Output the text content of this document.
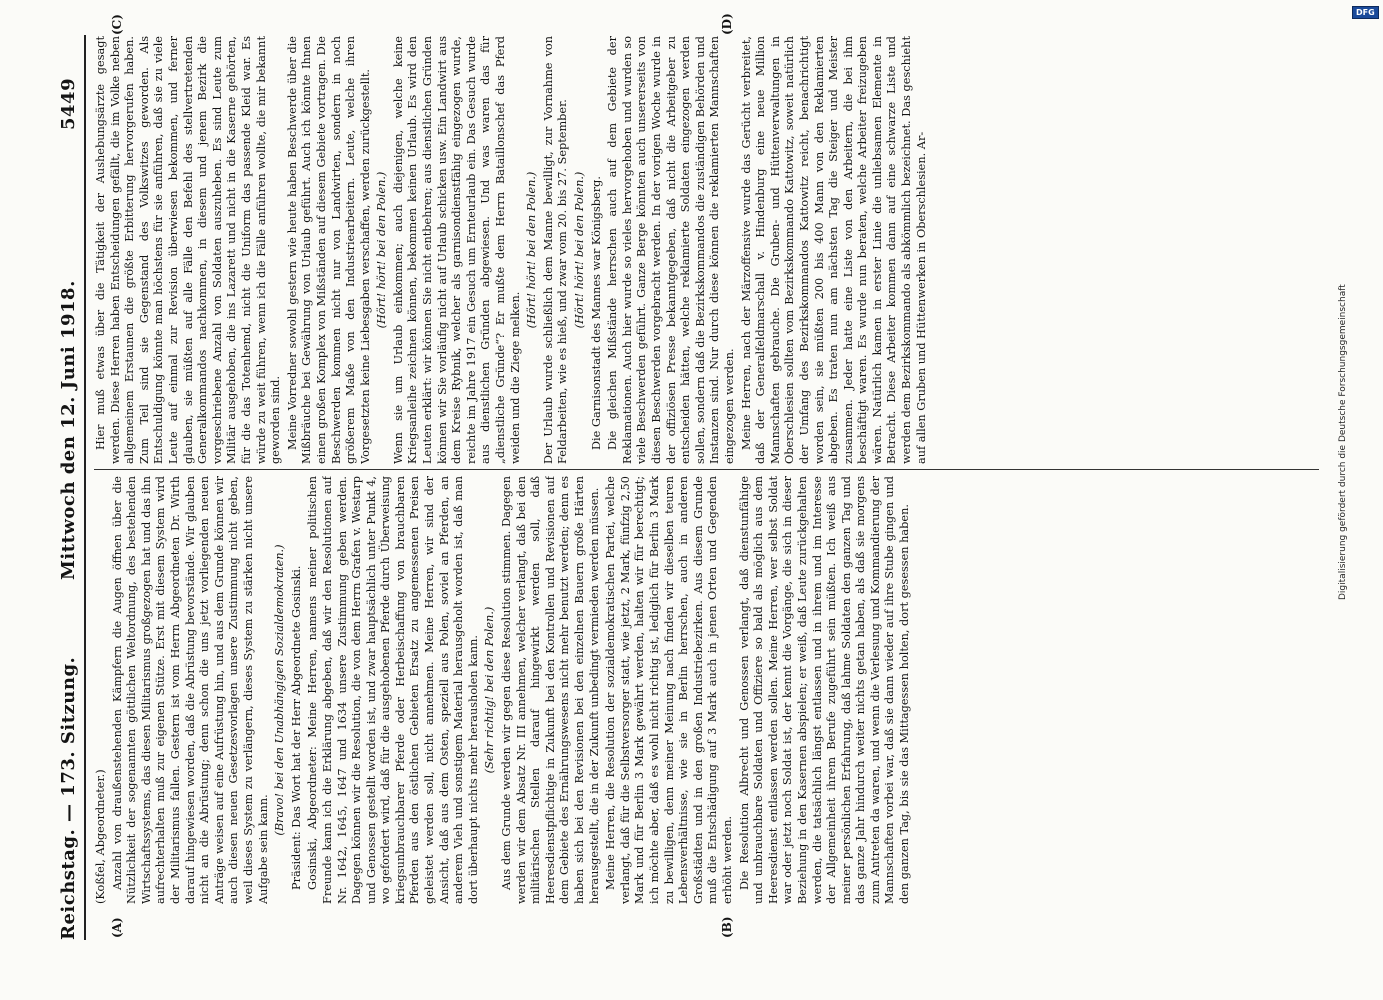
Reichstag. — 173. Sitzung.
Mittwoch den 12. Juni 1918.
5449
(A)	(B)
(C)	(D)

(Koßfel, Abgeordneter.) Anzahl von draußenstehenden Kämpfern die Augen öffnen über die Nützlichkeit der sogenannten göttlichen Weltordnung, des bestehenden Wirtschaftssystems, das diesen Militarismus großgezogen hat und das ihn aufrechterhalten muß zur eigenen Stütze. Erst mit diesem System wird der Militarismus fallen. Gestern ist vom Herrn Abgeordneten Dr. Wirth darauf hingewiesen worden, daß die Abrüstung bevorstände. Wir glauben nicht an die Abrüstung; denn schon die uns jetzt vorliegenden neuen Anträge weisen auf eine Aufrüstung hin, und aus dem Grunde können wir auch diesen neuen Gesetzesvorlagen unsere Zustimmung nicht geben, weil dieses System zu verlängern, dieses System zu stärken nicht unsere Aufgabe sein kann.

(Bravo! bei den Unabhängigen Sozialdemokraten.) Präsident: Das Wort hat der Herr Abgeordnete Gosinski. Gosinski, Abgeordneter: Meine Herren, namens meiner politischen Freunde kann ich die Erklärung abgeben, daß wir den Resolutionen auf Nr. 1642, 1645, 1647 und 1634 unsere Zustimmung geben werden. Dagegen können wir die Resolution, die von dem Herrn Grafen v. Westarp und Genossen gestellt worden ist, und zwar hauptsächlich unter Punkt 4, wo gefordert wird, daß für die ausgehobenen Pferde durch Überweisung kriegsunbrauchbarer Pferde oder Herbeischaffung von brauchbaren Pferden aus den östlichen Gebieten Ersatz zu angemessenen Preisen geleistet werden soll, nicht annehmen. Meine Herren, wir sind der Ansicht, daß aus dem Osten, speziell aus Polen, soviel an Pferden, an anderem Vieh und sonstigem Material herausgeholt worden ist, daß man dort überhaupt nichts mehr herausholen kann. (Sehr richtig! bei den Polen.) Aus dem Grunde werden wir gegen diese Resolution stimmen. Dagegen werden wir dem Absatz Nr. III annehmen, welcher verlangt, daß bei den militärischen Stellen darauf hingewirkt werden soll, daß Heeresdienstpflichtige in Zukunft bei den Kontrollen und Revisionen auf dem Gebiete des Ernährungswesens nicht mehr benutzt werden; denn es haben sich bei den Revisionen bei den einzelnen Bauern große Härten herausgestellt, die in der Zukunft unbedingt vermieden werden müssen. Meine Herren, die Resolution der sozialdemokratischen Partei, welche verlangt, daß für die Selbstversorger statt, wie jetzt, 2 Mark, fünfzig 2,50 Mark und für Berlin 3 Mark gewährt werden, halten wir für berechtigt; ich möchte aber, daß es wohl nicht richtig ist, lediglich für Berlin 3 Mark zu bewilligen, denn meiner Meinung nach finden wir dieselben teuren Lebensverhältnisse, wie sie in Berlin herrschen, auch in anderen Großstädten und in den großen Industriebezirken. Aus diesem Grunde muß die Entschädigung auf 3 Mark auch in jenen Orten und Gegenden erhöht werden. Die Resolution Albrecht und Genossen verlangt, daß dienstunfähige und unbrauchbare Soldaten und Offiziere so bald als möglich aus dem Heeresdienst entlassen werden sollen. Meine Herren, wer selbst Soldat war oder jetzt noch Soldat ist, der kennt die Vorgänge, die sich in dieser Beziehung in den Kasernen abspielen; er weiß, daß Leute zurückgehalten werden, die tatsächlich längst entlassen und in ihrem und im Interesse der Allgemeinheit ihrem Berufe zugeführt sein müßten. Ich weiß aus meiner persönlichen Erfahrung, daß lahme Soldaten den ganzen Tag und das ganze Jahr hindurch weiter nichts getan haben, als daß sie morgens zum Antreten da waren, und wenn die Verlesung und Kommandierung der Mannschaften vorbei war, daß sie dann wieder auf ihre Stube gingen und den ganzen Tag, bis sie das Mittagessen holten, dort gesessen haben.

Hier muß etwas über die Tätigkeit der Aushebungsärzte gesagt werden. Diese Herren haben Entscheidungen gefällt, die im Volke neben allgemeinem Erstaunen die größte Erbitterung hervorgerufen haben. Zum Teil sind sie Gegenstand des Volkswitzes geworden. Als Entschuldigung könnte man höchstens für sie anführen, daß sie zu viele Leute auf einmal zur Revision überwiesen bekommen, und ferner glauben, sie müßten auf alle Fälle den Befehl des stellvertretenden Generalkommandos nachkommen, in diesem und jenem Bezirk die vorgeschriebene Anzahl von Soldaten auszuheben. Es sind Leute zum Militär ausgehoben, die ins Lazarett und nicht in die Kaserne gehörten, für die das Totenhemd, nicht die Uniform das passende Kleid war. Es würde zu weit führen, wenn ich die Fälle anführen wollte, die mir bekannt geworden sind. Meine Vorredner sowohl gestern wie heute haben Beschwerde über die Mißbräuche bei Gewährung von Urlaub geführt. Auch ich könnte Ihnen einen großen Komplex von Mißständen auf diesem Gebiete vortragen. Die Beschwerden kommen nicht nur von Landwirten, sondern in noch größerem Maße von den Industriearbeitern. Leute, welche ihren Vorgesetzten keine Liebesgaben verschaffen, werden zurückgestellt. (Hört! hört! bei den Polen.) Wenn sie um Urlaub einkommen; auch diejenigen, welche keine Kriegsanleihe zeichnen können, bekommen keinen Urlaub. Es wird den Leuten erklärt: wir können Sie nicht entbehren; aus dienstlichen Gründen können wir Sie vorläufig nicht auf Urlaub schicken usw. Ein Landwirt aus dem Kreise Rybnik, welcher als garnisondienstfähig eingezogen wurde, reichte im Jahre 1917 ein Gesuch um Ernteurlaub ein. Das Gesuch wurde aus dienstlichen Gründen abgewiesen. Und was waren das für „dienstliche Gründe“? Er mußte dem Herrn Bataillonschef das Pferd weiden und die Ziege melken.

(Hört! hört! bei den Polen.) Der Urlaub wurde schließlich dem Manne bewilligt, zur Vornahme von Feldarbeiten, wie es hieß, und zwar vom 20. bis 27. September. (Hört! hört! bei den Polen.) Die Garnisonstadt des Mannes war Königsberg. Die gleichen Mißstände herrschen auch auf dem Gebiete der Reklamationen. Auch hier wurde so vieles hervorgehoben und wurden so viele Beschwerden geführt. Ganze Berge könnten auch unsererseits von diesen Beschwerden vorgebracht werden. In der vorigen Woche wurde in der offiziösen Presse bekanntgegeben, daß nicht die Arbeitgeber zu entscheiden hätten, welche reklamierte Soldaten eingezogen werden sollen, sondern daß die Bezirkskommandos die zuständigen Behörden und Instanzen sind. Nur durch diese können die reklamierten Mannschaften eingezogen werden. Meine Herren, nach der Märzoffensive wurde das Gerücht verbreitet, daß der Generalfeldmarschall v. Hindenburg eine neue Million Mannschaften gebrauche. Die Gruben- und Hüttenverwaltungen in Oberschlesien sollten vom Bezirkskommando Kattowitz, soweit natürlich der Umfang des Bezirkskommandos Kattowitz reicht, benachrichtigt worden sein, sie müßten 200 bis 400 Mann von den Reklamierten abgeben. Es traten nun am nächsten Tag die Steiger und Meister zusammen. Jeder hatte eine Liste von den Arbeitern, die bei ihm beschäftigt waren. Es wurde nun beraten, welche Arbeiter freizugeben wären. Natürlich kamen in erster Linie die unliebsamen Elemente in Betracht. Diese Arbeiter kommen dann auf eine schwarze Liste und werden dem Bezirkskommando als abkömmlich bezeichnet. Das geschieht auf allen Gruben und Hüttenwerken in Oberschlesien. Ar-	Digitalisierung gefördert durch die Deutsche Forschungsgemeinschaft
DFG
